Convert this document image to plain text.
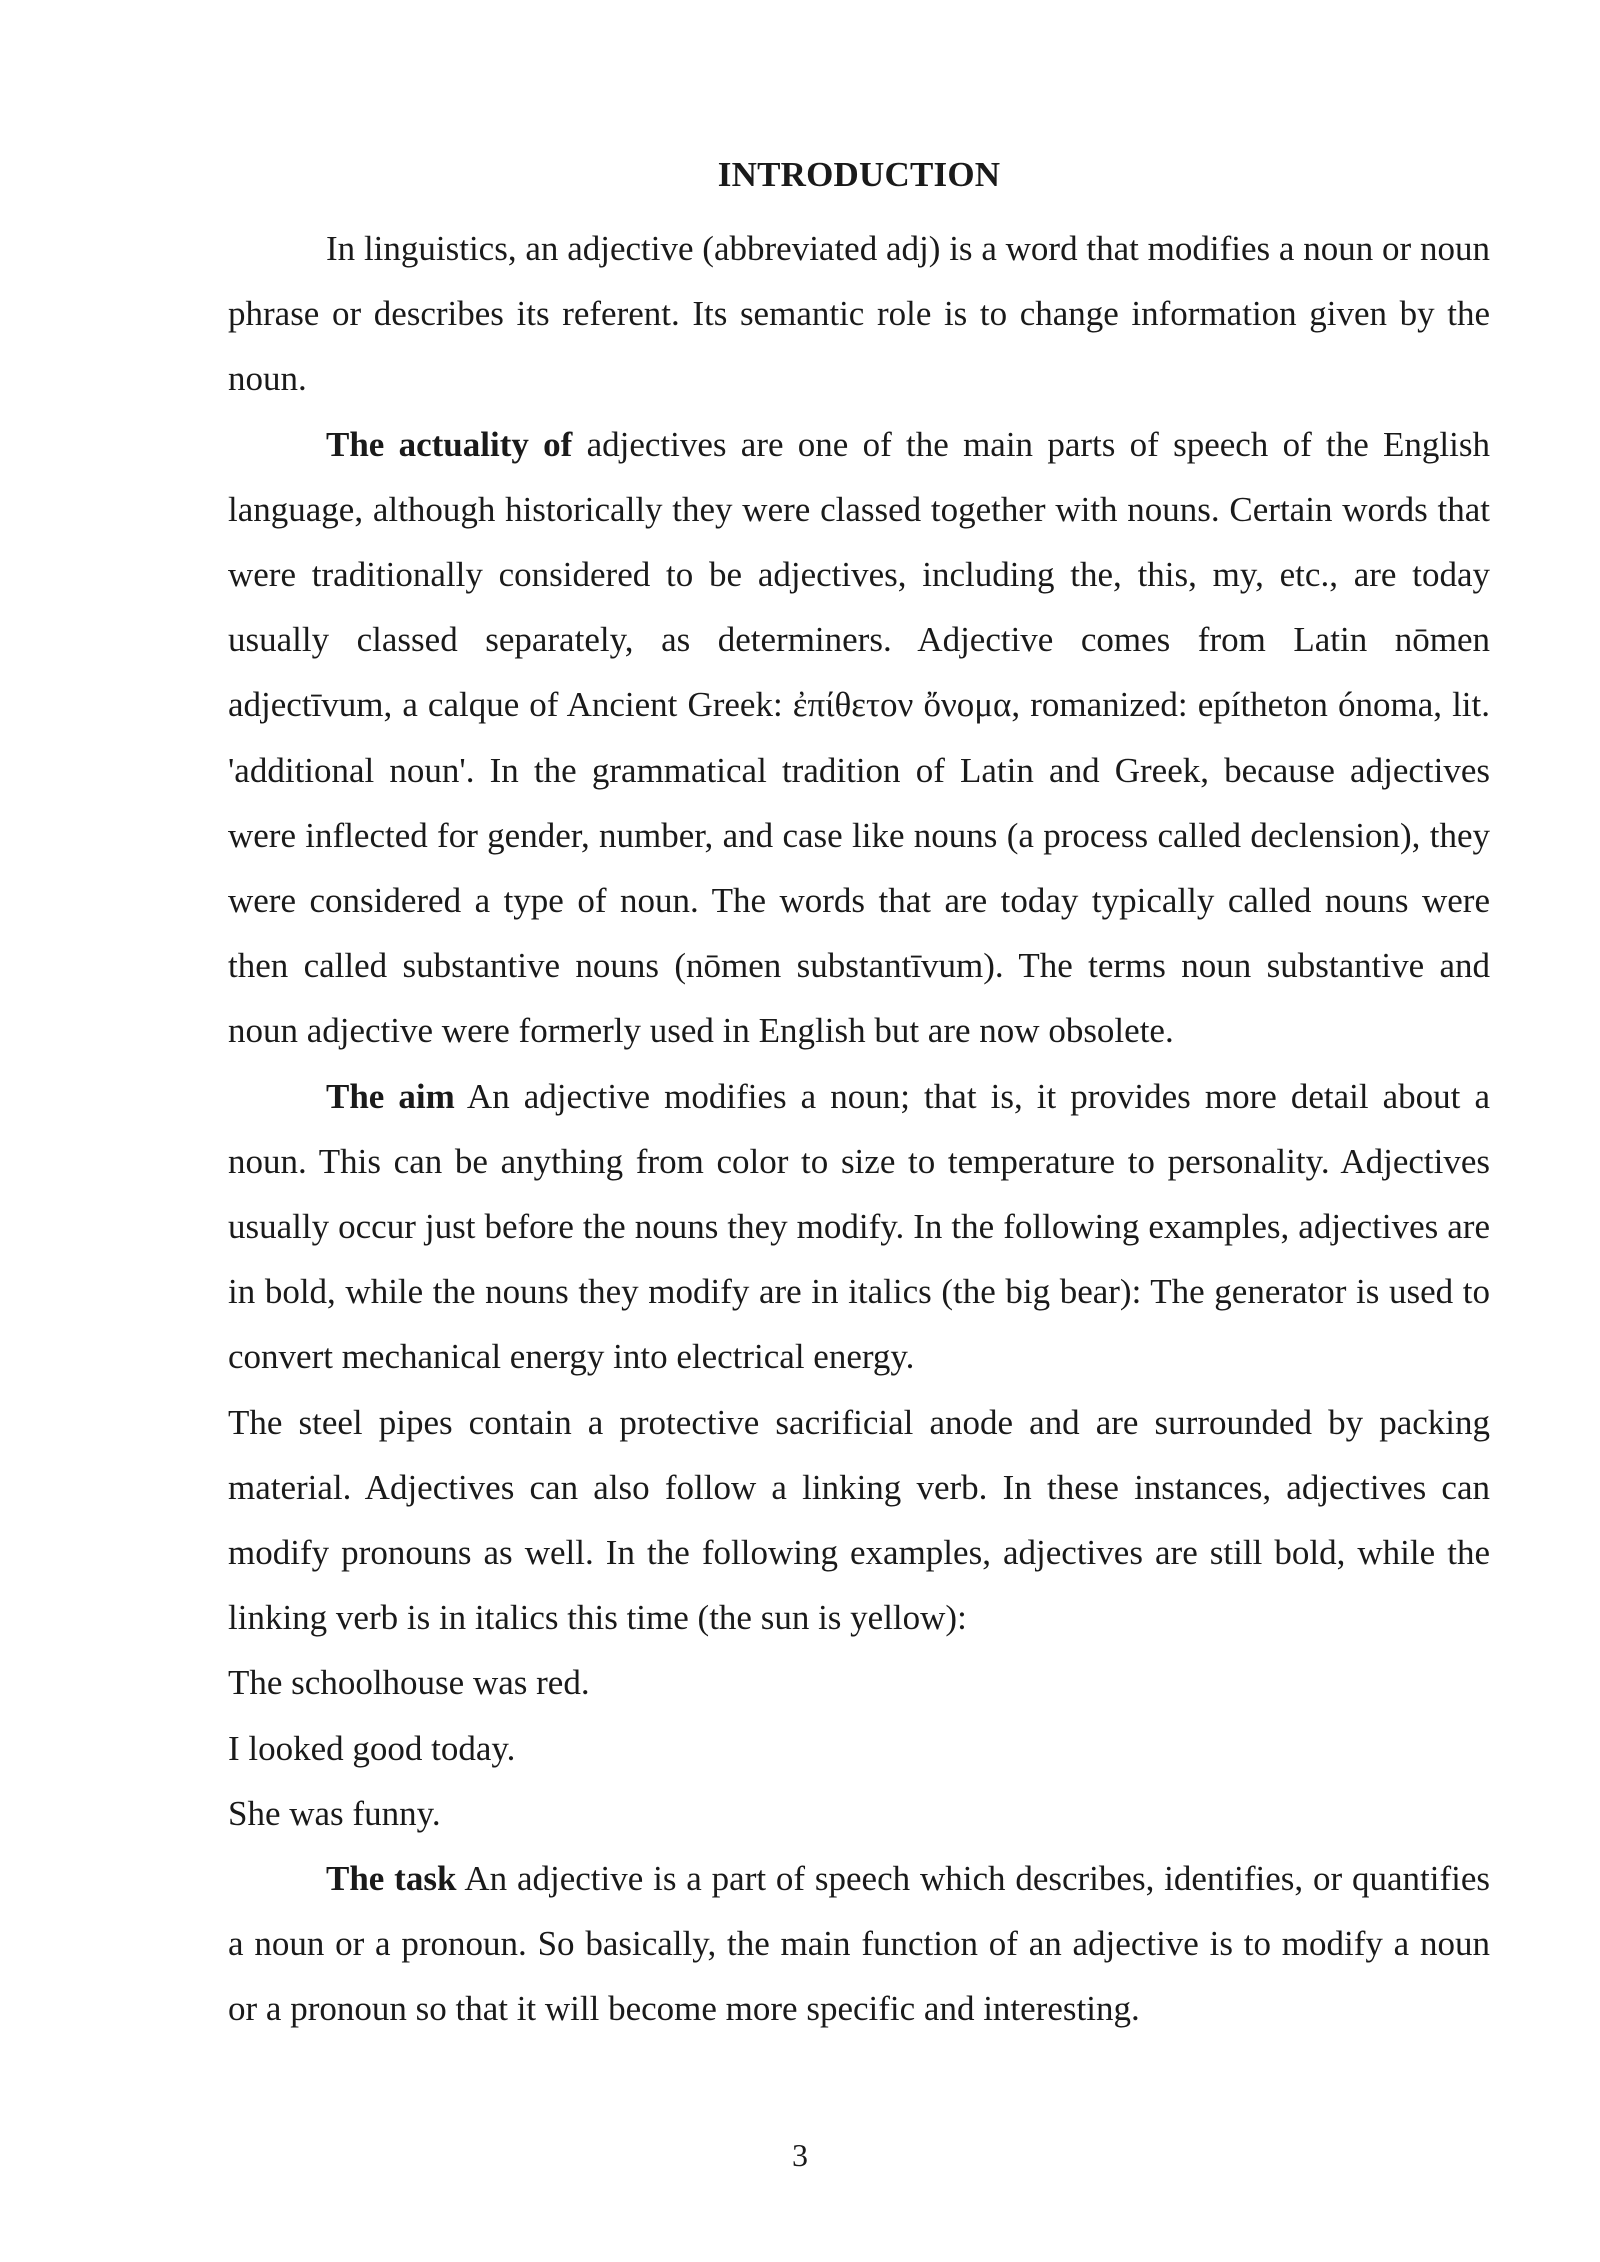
INTRODUCTION

In linguistics, an adjective (abbreviated adj) is a word that modifies a noun or noun phrase or describes its referent. Its semantic role is to change information given by the noun.

The actuality of adjectives are one of the main parts of speech of the English language, although historically they were classed together with nouns. Certain words that were traditionally considered to be adjectives, including the, this, my, etc., are today usually classed separately, as determiners. Adjective comes from Latin nōmen adjectīvum, a calque of Ancient Greek: ἐπίθετον ὄνομα, romanized: epítheton ónoma, lit. 'additional noun'. In the grammatical tradition of Latin and Greek, because adjectives were inflected for gender, number, and case like nouns (a process called declension), they were considered a type of noun. The words that are today typically called nouns were then called substantive nouns (nōmen substantīvum). The terms noun substantive and noun adjective were formerly used in English but are now obsolete.

The aim An adjective modifies a noun; that is, it provides more detail about a noun. This can be anything from color to size to temperature to personality. Adjectives usually occur just before the nouns they modify. In the following examples, adjectives are in bold, while the nouns they modify are in italics (the big bear): The generator is used to convert mechanical energy into electrical energy.

The steel pipes contain a protective sacrificial anode and are surrounded by packing material. Adjectives can also follow a linking verb. In these instances, adjectives can modify pronouns as well. In the following examples, adjectives are still bold, while the linking verb is in italics this time (the sun is yellow):

The schoolhouse was red.

I looked good today.

She was funny.

The task An adjective is a part of speech which describes, identifies, or quantifies a noun or a pronoun. So basically, the main function of an adjective is to modify a noun or a pronoun so that it will become more specific and interesting.

3
